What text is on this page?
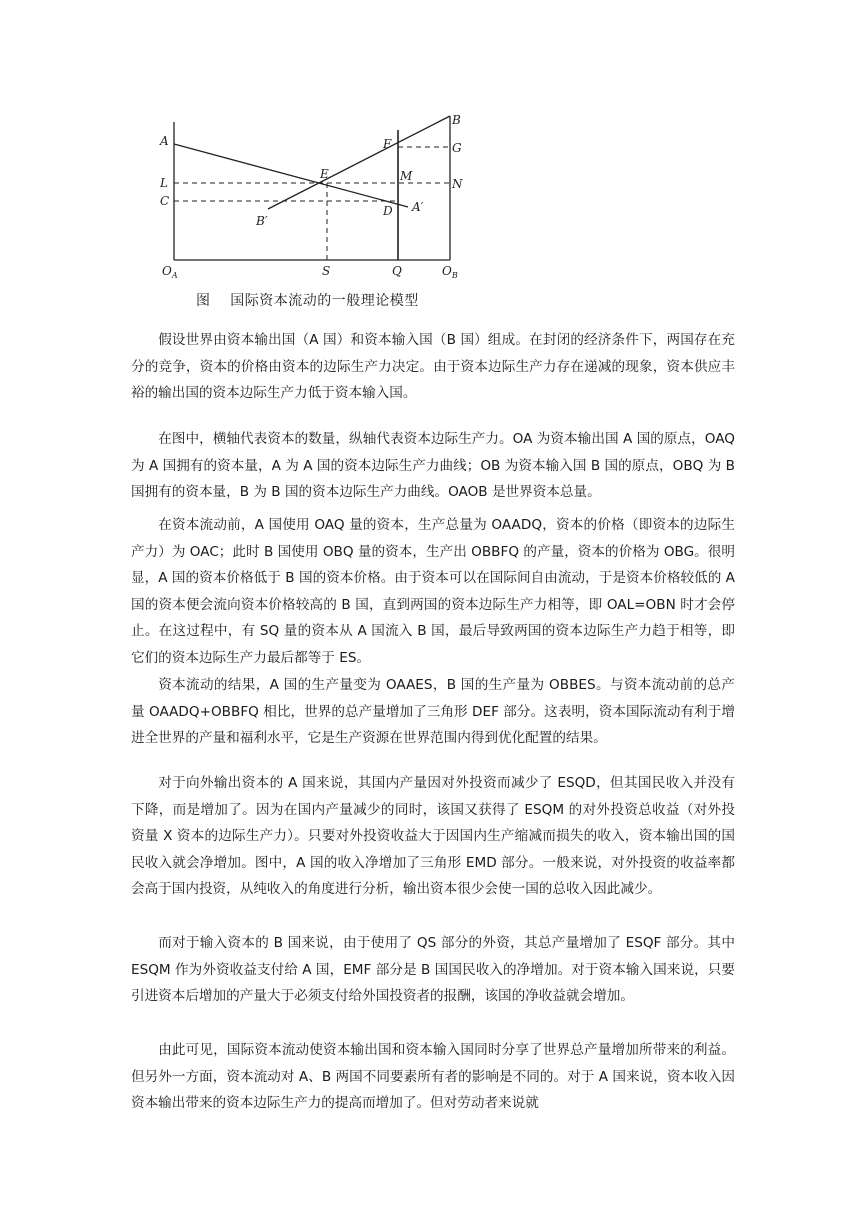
A
B
F	G
E	M
L	N
C
D A′
B′
$O_A$	S	Q	$O_B$
图    国际资本流动的一般理论模型

假设世界由资本输出国（A 国）和资本输入国（B 国）组成。在封闭的经济条件下，两国存在充分的竞争，资本的价格由资本的边际生产力决定。由于资本边际生产力存在递减的现象，资本供应丰裕的输出国的资本边际生产力低于资本输入国。

在图中，横轴代表资本的数量，纵轴代表资本边际生产力。OA 为资本输出国 A 国的原点，OAQ 为 A 国拥有的资本量，A 为 A 国的资本边际生产力曲线；OB 为资本输入国 B 国的原点，OBQ 为 B 国拥有的资本量，B 为 B 国的资本边际生产力曲线。OAOB 是世界资本总量。

在资本流动前，A 国使用 OAQ 量的资本，生产总量为 OAADQ，资本的价格（即资本的边际生产力）为 OAC；此时 B 国使用 OBQ 量的资本，生产出 OBBFQ 的产量，资本的价格为 OBG。很明显，A 国的资本价格低于 B 国的资本价格。由于资本可以在国际间自由流动，于是资本价格较低的 A 国的资本便会流向资本价格较高的 B 国，直到两国的资本边际生产力相等，即 OAL=OBN 时才会停止。在这过程中，有 SQ 量的资本从 A 国流入 B 国，最后导致两国的资本边际生产力趋于相等，即它们的资本边际生产力最后都等于 ES。

资本流动的结果，A 国的生产量变为 OAAES，B 国的生产量为 OBBES。与资本流动前的总产量 OAADQ+OBBFQ 相比，世界的总产量增加了三角形 DEF 部分。这表明，资本国际流动有利于增进全世界的产量和福利水平，它是生产资源在世界范围内得到优化配置的结果。

对于向外输出资本的 A 国来说，其国内产量因对外投资而减少了 ESQD，但其国民收入并没有下降，而是增加了。因为在国内产量减少的同时，该国又获得了 ESQM 的对外投资总收益（对外投资量 X 资本的边际生产力）。只要对外投资收益大于因国内生产缩减而损失的收入，资本输出国的国民收入就会净增加。图中，A 国的收入净增加了三角形 EMD 部分。一般来说，对外投资的收益率都会高于国内投资，从纯收入的角度进行分析，输出资本很少会使一国的总收入因此减少。

而对于输入资本的 B 国来说，由于使用了 QS 部分的外资，其总产量增加了 ESQF 部分。其中 ESQM 作为外资收益支付给 A 国，EMF 部分是 B 国国民收入的净增加。对于资本输入国来说，只要引进资本后增加的产量大于必须支付给外国投资者的报酬，该国的净收益就会增加。

由此可见，国际资本流动使资本输出国和资本输入国同时分享了世界总产量增加所带来的利益。但另外一方面，资本流动对 A、B 两国不同要素所有者的影响是不同的。对于 A 国来说，资本收入因资本输出带来的资本边际生产力的提高而增加了。但对劳动者来说就
